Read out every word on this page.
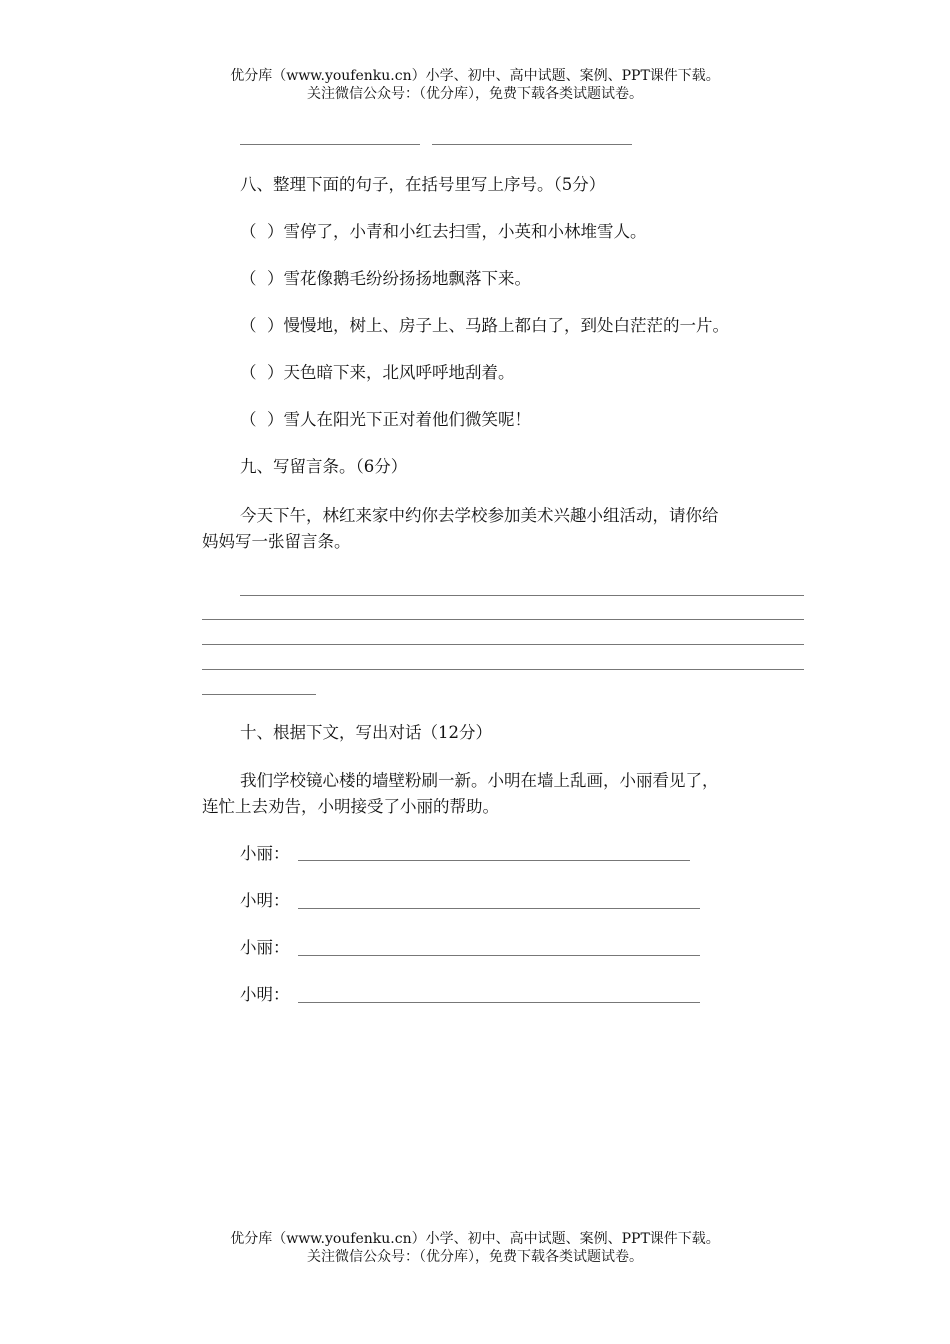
优分库（www.youfenku.cn）小学、初中、高中试题、案例、PPT课件下载。
关注微信公众号：（优分库），免费下载各类试题试卷。
八、整理下面的句子，在括号里写上序号。（5分）
（  ）雪停了，小青和小红去扫雪，小英和小林堆雪人。
（  ）雪花像鹅毛纷纷扬扬地飘落下来。
（  ）慢慢地，树上、房子上、马路上都白了，到处白茫茫的一片。
（  ）天色暗下来，北风呼呼地刮着。
（  ）雪人在阳光下正对着他们微笑呢！
九、写留言条。（6分）
今天下午，林红来家中约你去学校参加美术兴趣小组活动，请你给
妈妈写一张留言条。
十、根据下文，写出对话（12分）
我们学校镜心楼的墙壁粉刷一新。小明在墙上乱画，小丽看见了，
连忙上去劝告，小明接受了小丽的帮助。
小丽：
小明：
小丽：
小明：
优分库（www.youfenku.cn）小学、初中、高中试题、案例、PPT课件下载。
关注微信公众号：（优分库），免费下载各类试题试卷。
